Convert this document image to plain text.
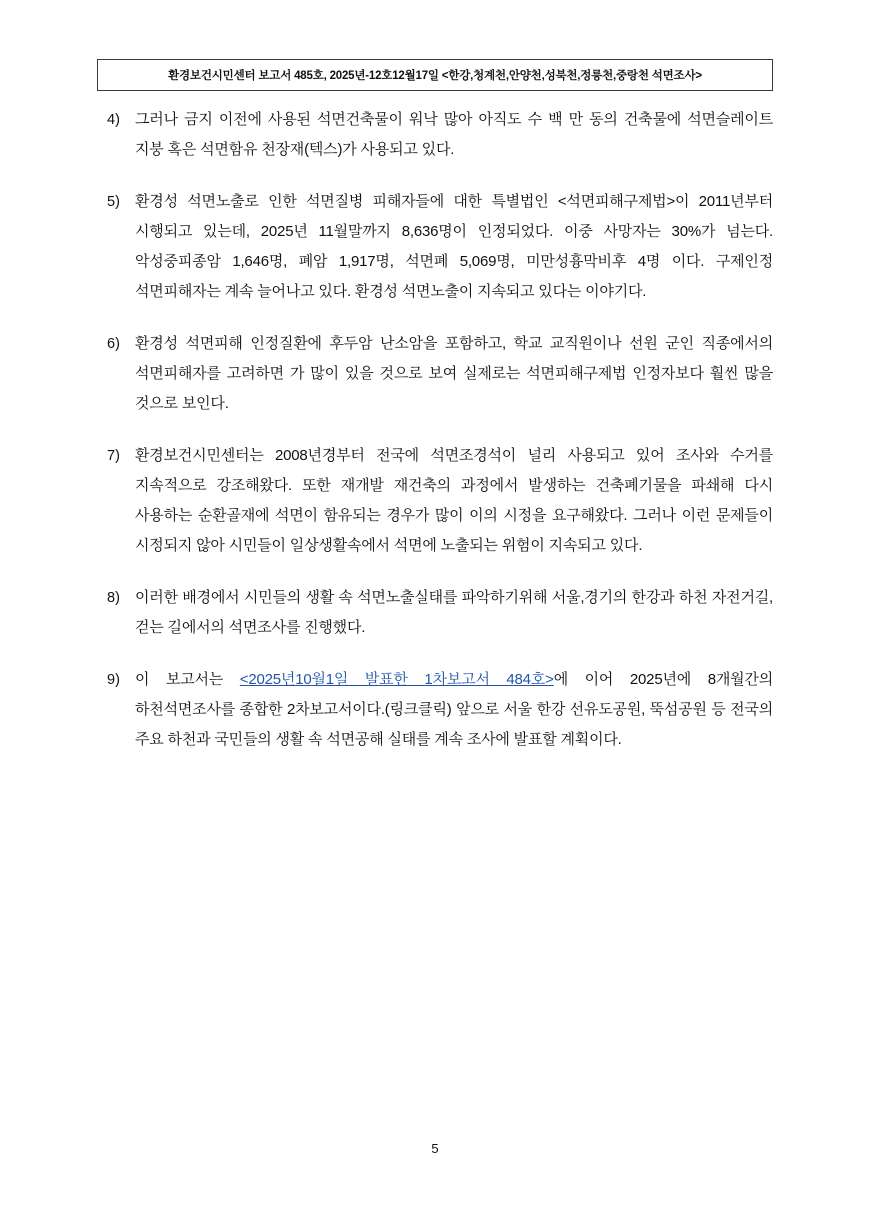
환경보건시민센터 보고서 485호, 2025년-12호12월17일 <한강,청계천,안양천,성북천,정릉천,중랑천 석면조사>
4)	그러나 금지 이전에 사용된 석면건축물이 워낙 많아 아직도 수 백 만 동의 건축물에 석면슬레이트 지붕 혹은 석면함유 천장재(텍스)가 사용되고 있다.
5)	환경성 석면노출로 인한 석면질병 피해자들에 대한 특별법인 <석면피해구제법>이 2011년부터 시행되고 있는데, 2025년 11월말까지 8,636명이 인정되었다. 이중 사망자는 30%가 넘는다. 악성중피종암 1,646명, 폐암 1,917명, 석면폐 5,069명, 미만성흉막비후 4명 이다. 구제인정 석면피해자는 계속 늘어나고 있다. 환경성 석면노출이 지속되고 있다는 이야기다.
6)	환경성 석면피해 인정질환에 후두암 난소암을 포함하고, 학교 교직원이나 선원 군인 직종에서의 석면피해자를 고려하면 가 많이 있을 것으로 보여 실제로는 석면피해구제법 인정자보다 훨씬 많을 것으로 보인다.
7)	환경보건시민센터는 2008년경부터 전국에 석면조경석이 널리 사용되고 있어 조사와 수거를 지속적으로 강조해왔다. 또한 재개발 재건축의 과정에서 발생하는 건축폐기물을 파쇄해 다시 사용하는 순환골재에 석면이 함유되는 경우가 많이 이의 시정을 요구해왔다. 그러나 이런 문제들이 시정되지 않아 시민들이 일상생활속에서 석면에 노출되는 위험이 지속되고 있다.
8)	이러한 배경에서 시민들의 생활 속 석면노출실태를 파악하기위해 서울,경기의 한강과 하천 자전거길, 걷는 길에서의 석면조사를 진행했다.
9)	이 보고서는 <2025년10월1일 발표한 1차보고서 484호>에 이어 2025년에 8개월간의 하천석면조사를 종합한 2차보고서이다.(링크클릭) 앞으로 서울 한강 선유도공원, 뚝섬공원 등 전국의 주요 하천과 국민들의 생활 속 석면공해 실태를 계속 조사에 발표할 계획이다.
5
